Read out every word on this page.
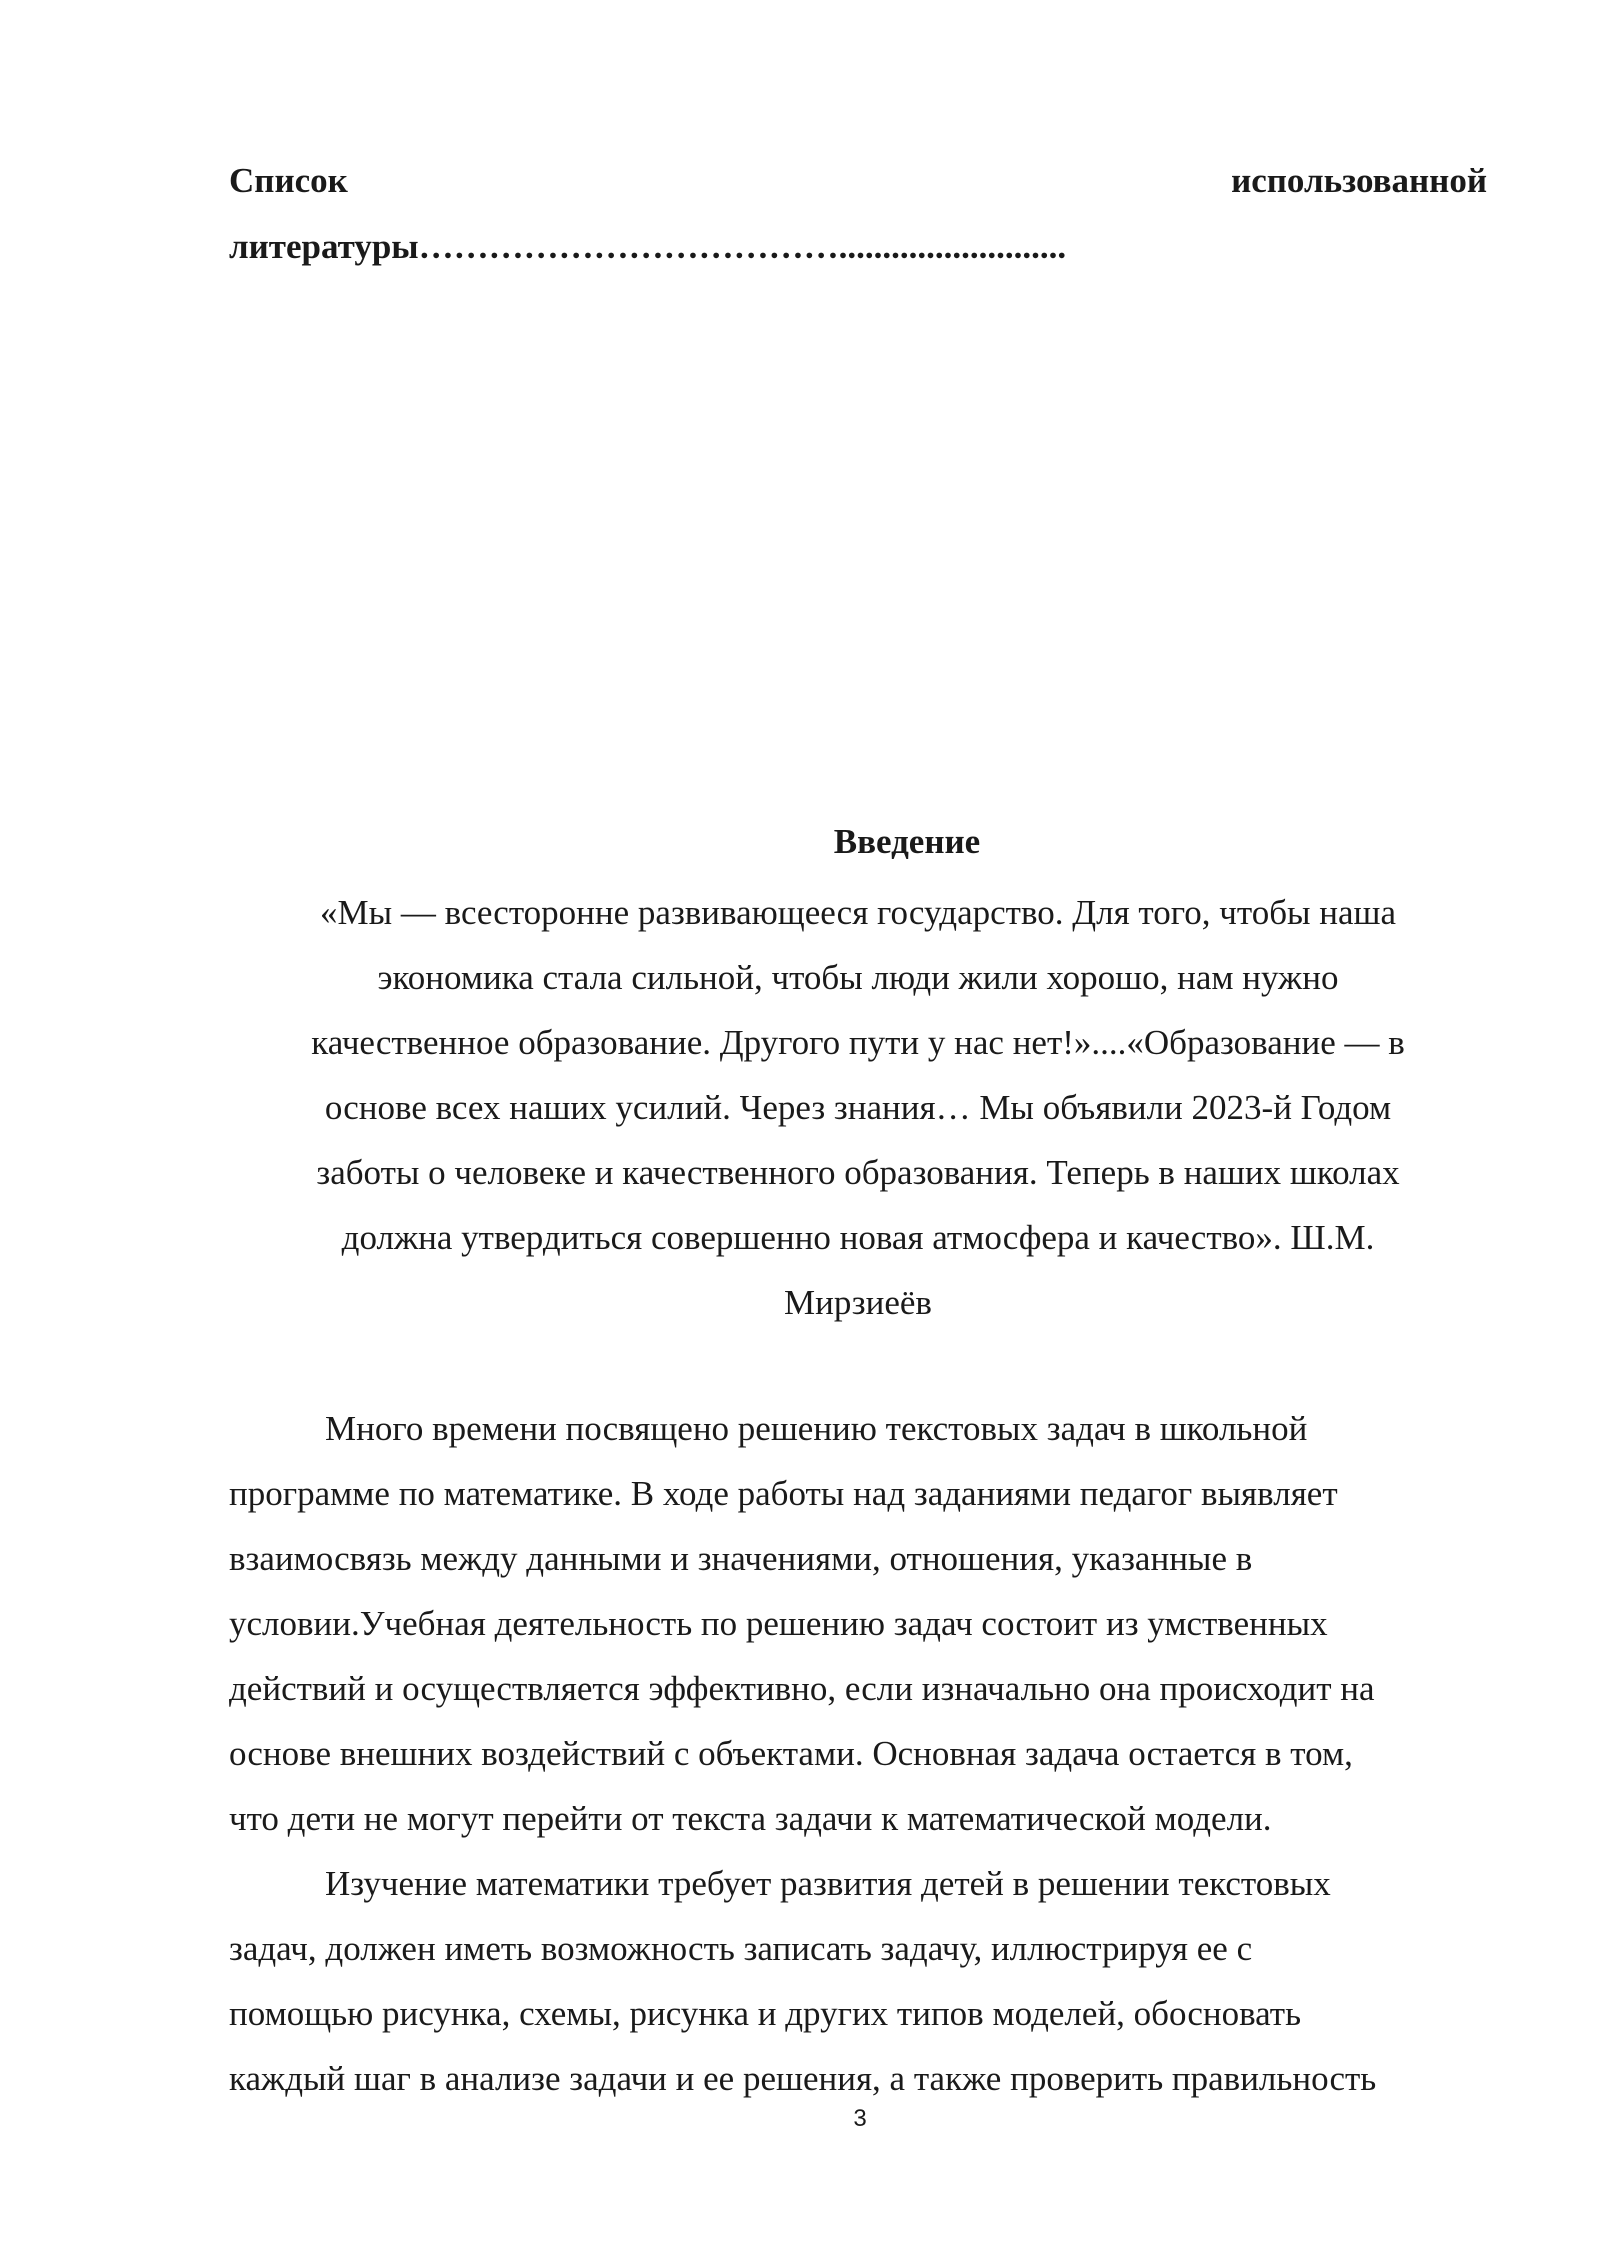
Список	использованной
литературы………………………………..........................
Введение
«Мы — всесторонне развивающееся государство. Для того, чтобы наша
экономика стала сильной, чтобы люди жили хорошо, нам нужно
качественное образование. Другого пути у нас нет!»....«Образование — в
основе всех наших усилий. Через знания… Мы объявили 2023-й Годом
заботы о человеке и качественного образования. Теперь в наших школах
должна утвердиться совершенно новая атмосфера и качество». Ш.М.
Мирзиеёв
Много времени посвящено решению текстовых задач в школьной
программе по математике. В ходе работы над заданиями педагог выявляет
взаимосвязь между данными и значениями, отношения, указанные в
условии.Учебная деятельность по решению задач состоит из умственных
действий и осуществляется эффективно, если изначально она происходит на
основе внешних воздействий с объектами. Основная задача остается в том,
что дети не могут перейти от текста задачи к математической модели.
Изучение математики требует развития детей в решении текстовых
задач, должен иметь возможность записать задачу, иллюстрируя ее с
помощью рисунка, схемы, рисунка и других типов моделей, обосновать
каждый шаг в анализе задачи и ее решения, а также проверить правильность
3
